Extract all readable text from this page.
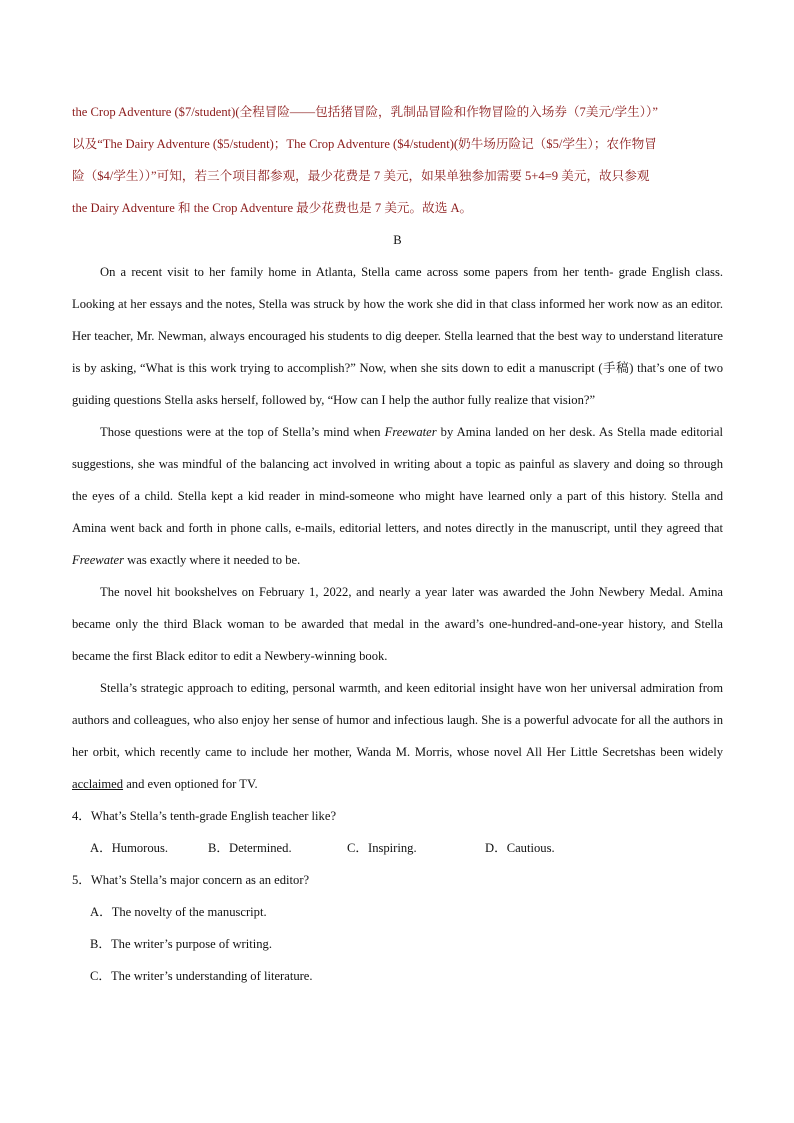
the Crop Adventure ($7/student)(全程冒险——包括猪冒险，乳制品冒险和作物冒险的入场券（7美元/学生））”

以及“The Dairy Adventure ($5/student)；The Crop Adventure ($4/student)(奶牛场历险记（$5/学生）；农作物冒

险（$4/学生））”可知，若三个项目都参观，最少花费是 7 美元，如果单独参加需要 5+4=9 美元，故只参观

the Dairy Adventure 和 the Crop Adventure 最少花费也是 7 美元。故选 A。

B

On a recent visit to her family home in Atlanta, Stella came across some papers from her tenth- grade English class. Looking at her essays and the notes, Stella was struck by how the work she did in that class informed her work now as an editor. Her teacher, Mr. Newman, always encouraged his students to dig deeper. Stella learned that the best way to understand literature is by asking, “What is this work trying to accomplish?” Now, when she sits down to edit a manuscript (手稿) that’s one of two guiding questions Stella asks herself, followed by, “How can I help the author fully realize that vision?”

Those questions were at the top of Stella’s mind when Freewater by Amina landed on her desk. As Stella made editorial suggestions, she was mindful of the balancing act involved in writing about a topic as painful as slavery and doing so through the eyes of a child. Stella kept a kid reader in mind-someone who might have learned only a part of this history. Stella and Amina went back and forth in phone calls, e-mails, editorial letters, and notes directly in the manuscript, until they agreed that Freewater was exactly where it needed to be.

The novel hit bookshelves on February 1, 2022, and nearly a year later was awarded the John Newbery Medal. Amina became only the third Black woman to be awarded that medal in the award’s one-hundred-and-one-year history, and Stella became the first Black editor to edit a Newbery-winning book.

Stella’s strategic approach to editing, personal warmth, and keen editorial insight have won her universal admiration from authors and colleagues, who also enjoy her sense of humor and infectious laugh. She is a powerful advocate for all the authors in her orbit, which recently came to include her mother, Wanda M. Morris, whose novel All Her Little Secretshas been widely acclaimed and even optioned for TV.

4．What’s Stella’s tenth-grade English teacher like?

A．Humorous.	B．Determined.	C．Inspiring.	D．Cautious.

5．What’s Stella’s major concern as an editor?

A．The novelty of the manuscript.

B．The writer’s purpose of writing.

C．The writer’s understanding of literature.
